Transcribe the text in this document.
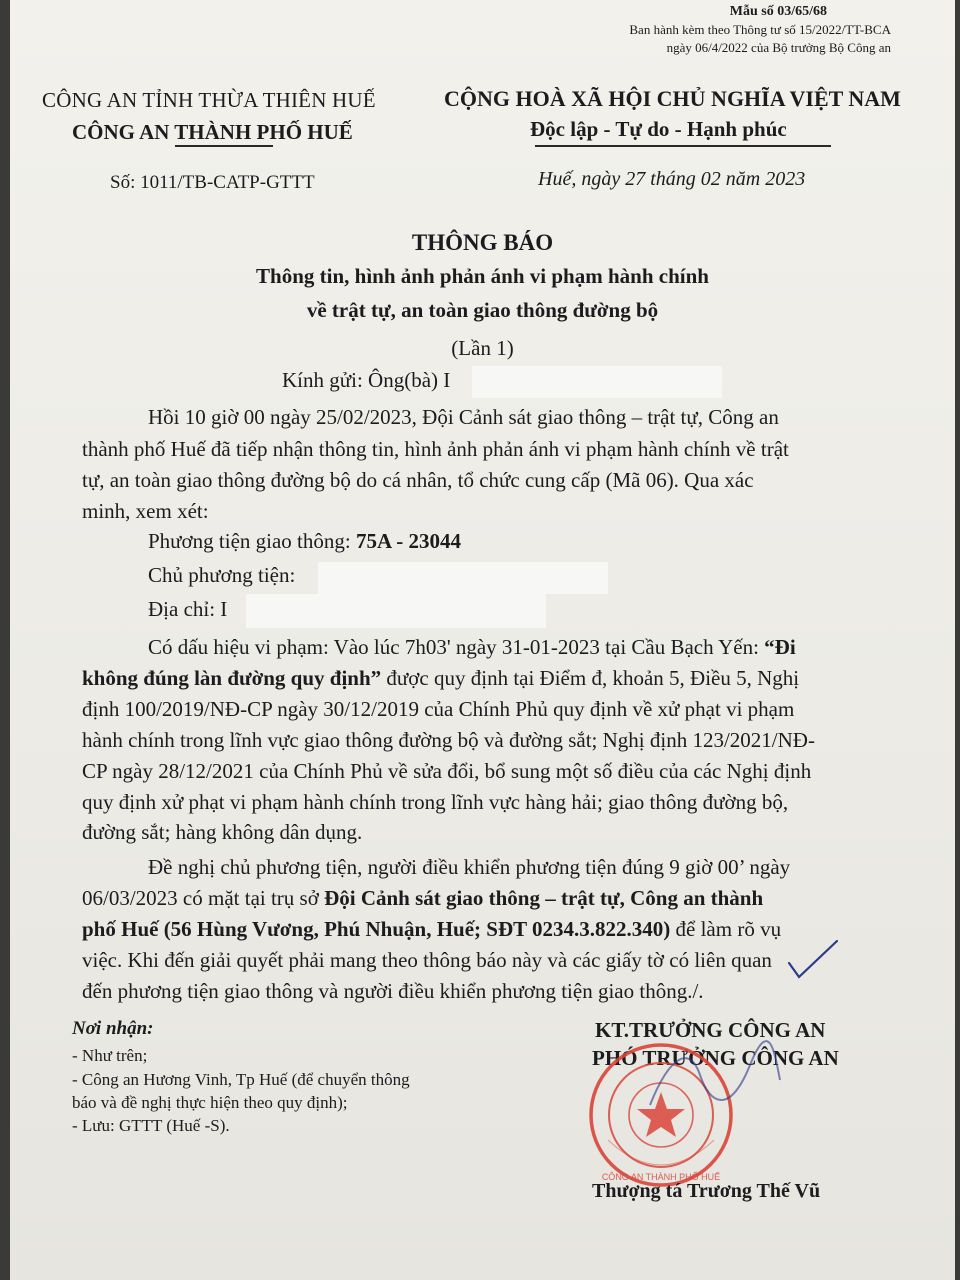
Mẫu số 03/65/68
Ban hành kèm theo Thông tư số 15/2022/TT-BCA
ngày 06/4/2022 của Bộ trưởng Bộ Công an
CÔNG AN TỈNH THỪA THIÊN HUẾ
CÔNG AN THÀNH PHỐ HUẾ
CỘNG HOÀ XÃ HỘI CHỦ NGHĨA VIỆT NAM
Độc lập - Tự do - Hạnh phúc
Số: 1011/TB-CATP-GTTT	Huế, ngày 27 tháng 02 năm 2023
THÔNG BÁO
Thông tin, hình ảnh phản ánh vi phạm hành chính
về trật tự, an toàn giao thông đường bộ
(Lần 1)
Kính gửi: Ông(bà) I
Hồi 10 giờ 00 ngày 25/02/2023, Đội Cảnh sát giao thông – trật tự, Công an
thành phố Huế đã tiếp nhận thông tin, hình ảnh phản ánh vi phạm hành chính về trật
tự, an toàn giao thông đường bộ do cá nhân, tổ chức cung cấp (Mã 06). Qua xác
minh, xem xét:
Phương tiện giao thông: 75A - 23044
Chủ phương tiện:
Địa chỉ: I
Có dấu hiệu vi phạm: Vào lúc 7h03' ngày 31-01-2023 tại Cầu Bạch Yến: “Đi
không đúng làn đường quy định” được quy định tại Điểm đ, khoản 5, Điều 5, Nghị
định 100/2019/NĐ-CP ngày 30/12/2019 của Chính Phủ quy định về xử phạt vi phạm
hành chính trong lĩnh vực giao thông đường bộ và đường sắt; Nghị định 123/2021/NĐ-
CP ngày 28/12/2021 của Chính Phủ về sửa đổi, bổ sung một số điều của các Nghị định
quy định xử phạt vi phạm hành chính trong lĩnh vực hàng hải; giao thông đường bộ,
đường sắt; hàng không dân dụng.
Đề nghị chủ phương tiện, người điều khiển phương tiện đúng 9 giờ 00’ ngày
06/03/2023 có mặt tại trụ sở Đội Cảnh sát giao thông – trật tự, Công an thành
phố Huế (56 Hùng Vương, Phú Nhuận, Huế; SĐT 0234.3.822.340) để làm rõ vụ
việc. Khi đến giải quyết phải mang theo thông báo này và các giấy tờ có liên quan
đến phương tiện giao thông và người điều khiển phương tiện giao thông./.
Nơi nhận:
- Như trên;
- Công an Hương Vinh, Tp Huế (để chuyển thông
báo và đề nghị thực hiện theo quy định);
- Lưu: GTTT (Huế -S).
KT.TRƯỞNG CÔNG AN
PHÓ TRƯỞNG CÔNG AN
CÔNG AN THÀNH PHỐ HUẾ
Thượng tá Trương Thế Vũ
